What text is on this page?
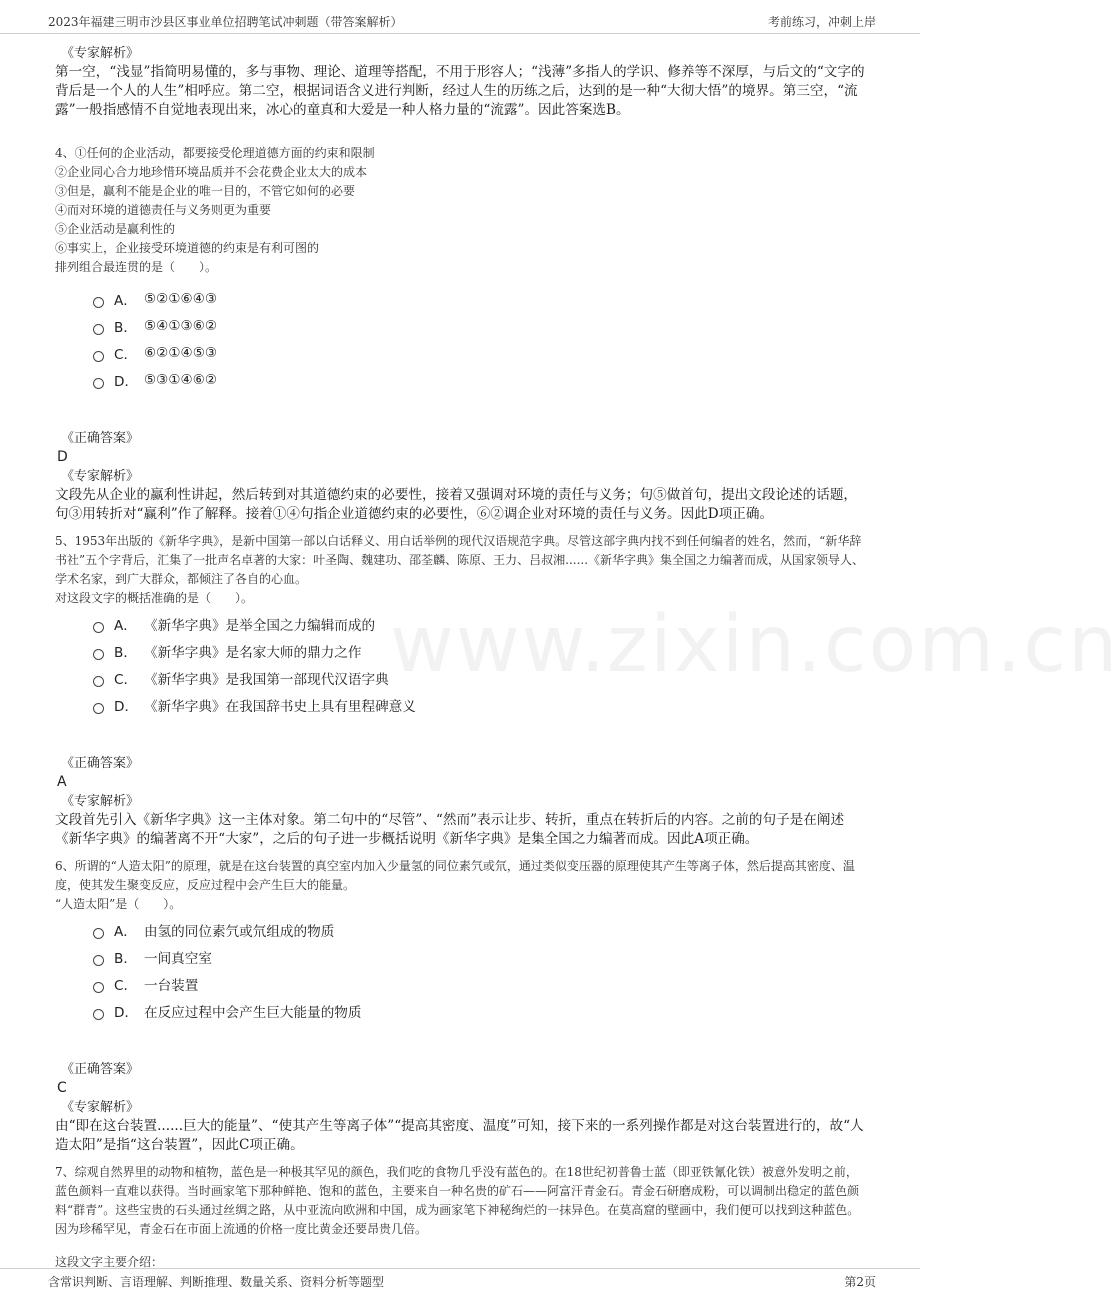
2023年福建三明市沙县区事业单位招聘笔试冲刺题（带答案解析）	考前练习，冲刺上岸
www.zixin.com.cn
《专家解析》
第一空，“浅显”指简明易懂的，多与事物、理论、道理等搭配，不用于形容人；“浅薄”多指人的学识、修养等不深厚，与后文的“文字的背后是一个人的人生”相呼应。第二空，根据词语含义进行判断，经过人生的历练之后，达到的是一种“大彻大悟”的境界。第三空，“流露”一般指感情不自觉地表现出来，冰心的童真和大爱是一种人格力量的“流露”。因此答案选B。
4、①任何的企业活动，都要接受伦理道德方面的约束和限制
②企业同心合力地珍惜环境品质并不会花费企业太大的成本
③但是，赢利不能是企业的唯一目的，不管它如何的必要
④而对环境的道德责任与义务则更为重要
⑤企业活动是赢利性的
⑥事实上，企业接受环境道德的约束是有利可图的
排列组合最连贯的是（　　）。
A． ⑤②①⑥④③
B． ⑤④①③⑥②
C． ⑥②①④⑤③
D． ⑤③①④⑥②
《正确答案》
D
《专家解析》
文段先从企业的赢利性讲起，然后转到对其道德约束的必要性，接着又强调对环境的责任与义务；句⑤做首句，提出文段论述的话题，句③用转折对“赢利”作了解释。接着①④句指企业道德约束的必要性，⑥②调企业对环境的责任与义务。因此D项正确。
5、1953年出版的《新华字典》，是新中国第一部以白话释义、用白话举例的现代汉语规范字典。尽管这部字典内找不到任何编者的姓名，然而，“新华辞书社”五个字背后，汇集了一批声名卓著的大家：叶圣陶、魏建功、邵荃麟、陈原、王力、吕叔湘......《新华字典》集全国之力编著而成，从国家领导人、学术名家，到广大群众，都倾注了各自的心血。
对这段文字的概括准确的是（　　）。
A． 《新华字典》是举全国之力编辑而成的
B． 《新华字典》是名家大师的鼎力之作
C． 《新华字典》是我国第一部现代汉语字典
D． 《新华字典》在我国辞书史上具有里程碑意义
《正确答案》
A
《专家解析》
文段首先引入《新华字典》这一主体对象。第二句中的“尽管”、“然而”表示让步、转折，重点在转折后的内容。之前的句子是在阐述《新华字典》的编著离不开“大家”，之后的句子进一步概括说明《新华字典》是集全国之力编著而成。因此A项正确。
6、所谓的“人造太阳”的原理，就是在这台装置的真空室内加入少量氢的同位素氕或氘，通过类似变压器的原理使其产生等离子体，然后提高其密度、温度，使其发生聚变反应，反应过程中会产生巨大的能量。
“人造太阳”是（　　）。
A． 由氢的同位素氕或氘组成的物质
B． 一间真空室
C． 一台装置
D． 在反应过程中会产生巨大能量的物质
《正确答案》
C
《专家解析》
由“即在这台装置......巨大的能量”、“使其产生等离子体”“提高其密度、温度”可知，接下来的一系列操作都是对这台装置进行的，故“人造太阳”是指“这台装置”，因此C项正确。
7、综观自然界里的动物和植物，蓝色是一种极其罕见的颜色，我们吃的食物几乎没有蓝色的。在18世纪初普鲁士蓝（即亚铁氰化铁）被意外发明之前，蓝色颜料一直难以获得。当时画家笔下那种鲜艳、饱和的蓝色，主要来自一种名贵的矿石——阿富汗青金石。青金石研磨成粉，可以调制出稳定的蓝色颜料“群青”。这些宝贵的石头通过丝绸之路，从中亚流向欧洲和中国，成为画家笔下神秘绚烂的一抹异色。在莫高窟的壁画中，我们便可以找到这种蓝色。因为珍稀罕见，青金石在市面上流通的价格一度比黄金还要昂贵几倍。
这段文字主要介绍：
含常识判断、言语理解、判断推理、数量关系、资料分析等题型	第2页
